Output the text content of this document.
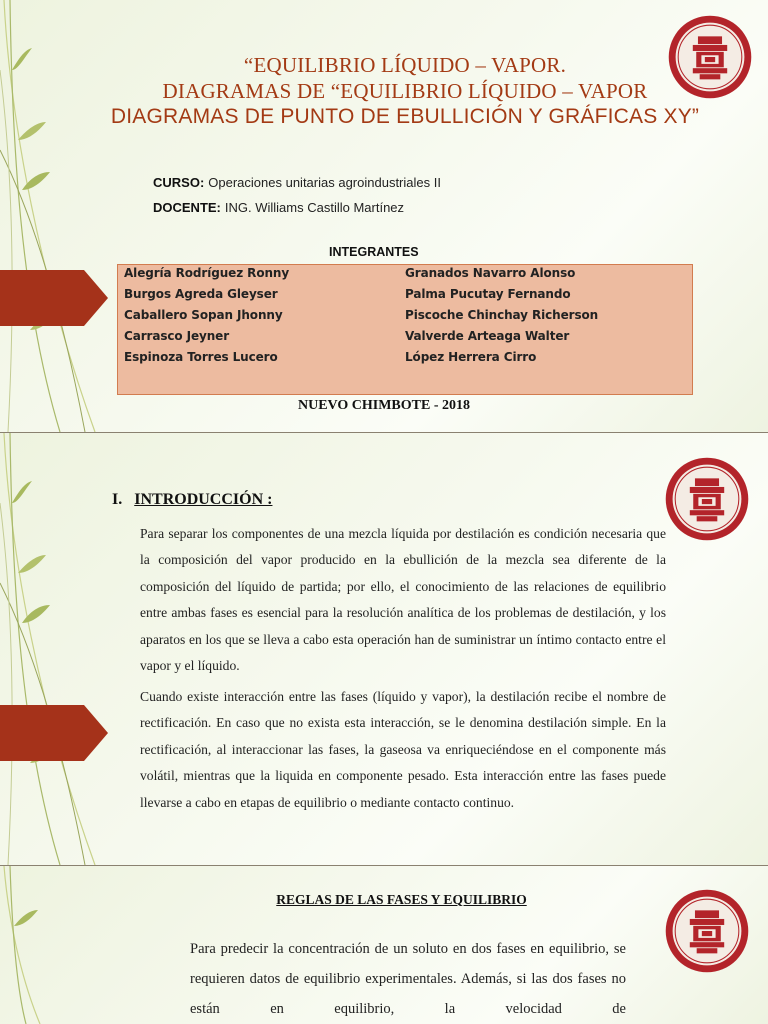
“EQUILIBRIO LÍQUIDO – VAPOR.
DIAGRAMAS DE “EQUILIBRIO LÍQUIDO – VAPOR
DIAGRAMAS DE PUNTO DE EBULLICIÓN Y GRÁFICAS XY”
CURSO: Operaciones unitarias agroindustriales II
DOCENTE: ING. Williams Castillo Martínez
INTEGRANTES
Alegría Rodríguez Ronny
Burgos Agreda Gleyser
Caballero Sopan Jhonny
Carrasco Jeyner
Espinoza Torres Lucero
Granados Navarro Alonso
Palma Pucutay Fernando
Piscoche Chinchay Richerson
Valverde Arteaga Walter
López Herrera Cirro
NUEVO CHIMBOTE - 2018
I. INTRODUCCIÓN :

Para separar los componentes de una mezcla líquida por destilación es condición necesaria que la composición del vapor producido en la ebullición de la mezcla sea diferente de la composición del líquido de partida; por ello, el conocimiento de las relaciones de equilibrio entre ambas fases es esencial para la resolución analítica de los problemas de destilación, y los aparatos en los que se lleva a cabo esta operación han de suministrar un íntimo contacto entre el vapor y el líquido.

Cuando existe interacción entre las fases (líquido y vapor), la destilación recibe el nombre de rectificación. En caso que no exista esta interacción, se le denomina destilación simple. En la rectificación, al interaccionar las fases, la gaseosa va enriqueciéndose en el componente más volátil, mientras que la liquida en componente pesado. Esta interacción entre las fases puede llevarse a cabo en etapas de equilibrio o mediante contacto continuo.

REGLAS DE LAS FASES Y EQUILIBRIO

Para predecir la concentración de un soluto en dos fases en equilibrio, se requieren datos de equilibrio experimentales. Además, si las dos fases no están en equilibrio, la velocidad de
